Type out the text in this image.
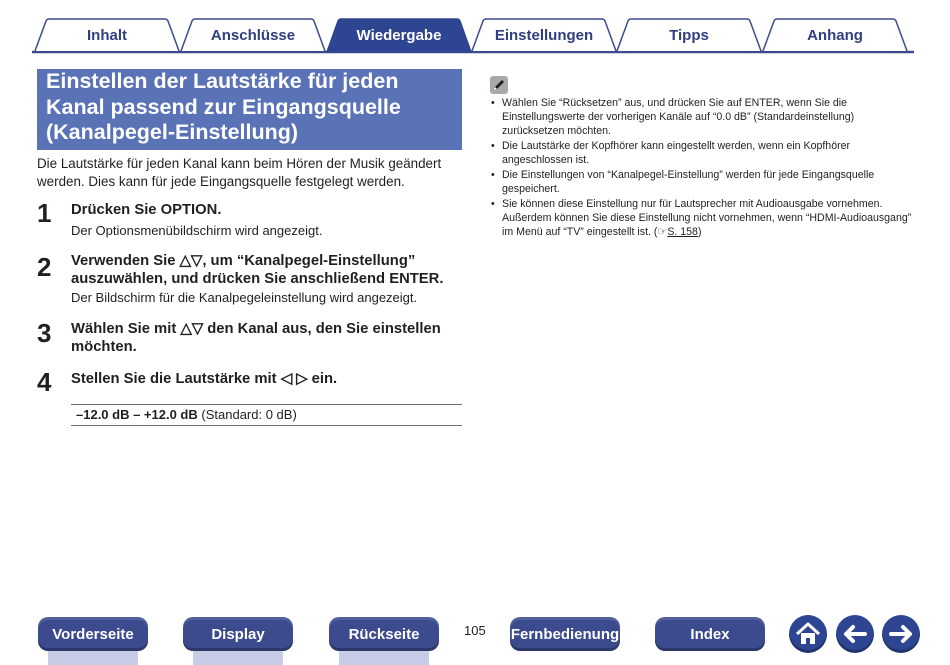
Inhalt	Anschlüsse	Wiedergabe	Einstellungen	Tipps	Anhang
Einstellen der Lautstärke für jeden
Kanal passend zur Eingangsquelle
(Kanalpegel-Einstellung)
Die Lautstärke für jeden Kanal kann beim Hören der Musik geändert werden. Dies kann für jede Eingangsquelle festgelegt werden.
1 Drücken Sie OPTION.
Der Optionsmenübildschirm wird angezeigt.
2 Verwenden Sie △▽, um “Kanalpegel-Einstellung”
auszuwählen, und drücken Sie anschließend ENTER.
Der Bildschirm für die Kanalpegeleinstellung wird angezeigt.
3 Wählen Sie mit △▽ den Kanal aus, den Sie einstellen
möchten.
4 Stellen Sie die Lautstärke mit ◁ ▷ ein.
–12.0 dB – +12.0 dB (Standard: 0 dB)
• Wählen Sie “Rücksetzen” aus, und drücken Sie auf ENTER, wenn Sie die Einstellungswerte der vorherigen Kanäle auf “0.0 dB” (Standardeinstellung) zurücksetzen möchten.
• Die Lautstärke der Kopfhörer kann eingestellt werden, wenn ein Kopfhörer angeschlossen ist.
• Die Einstellungen von “Kanalpegel-Einstellung” werden für jede Eingangsquelle gespeichert.
• Sie können diese Einstellung nur für Lautsprecher mit Audioausgabe vornehmen. Außerdem können Sie diese Einstellung nicht vornehmen, wenn “HDMI-Audioausgang” im Menü auf “TV” eingestellt ist. (☞S. 158)
Vorderseite	Display	Rückseite	105 Fernbedienung	Index
